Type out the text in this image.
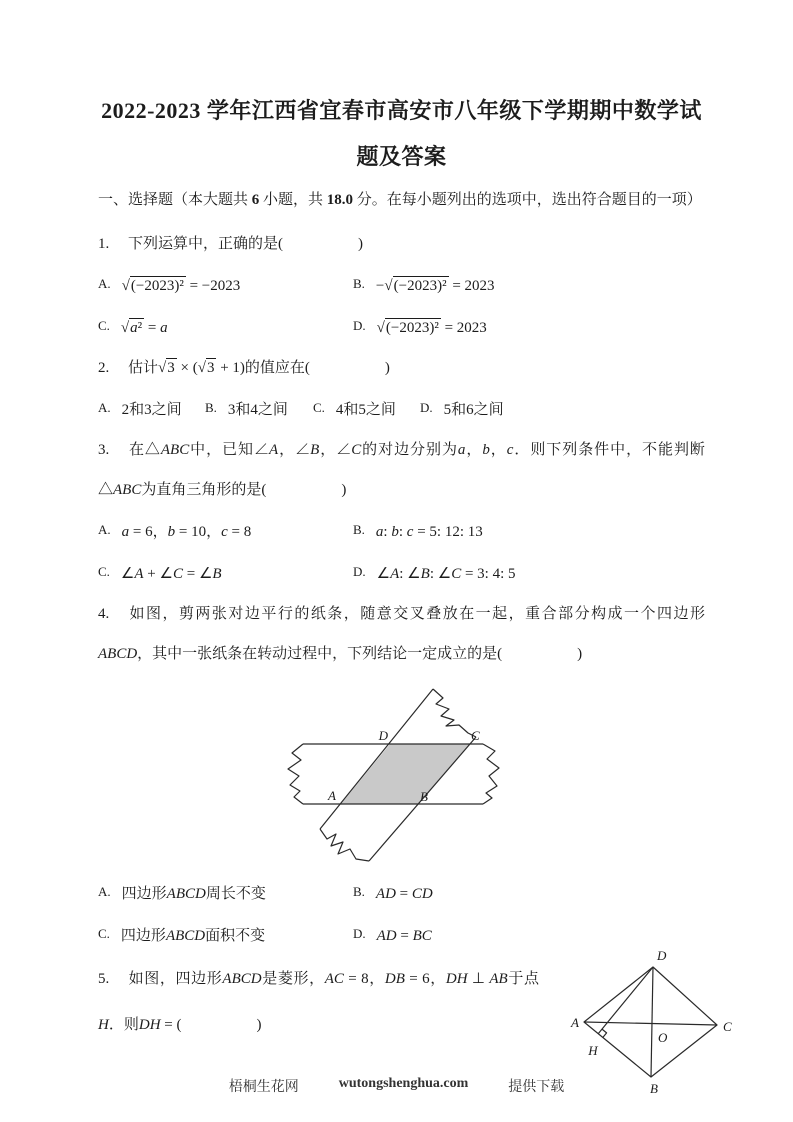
2022-2023 学年江西省宜春市高安市八年级下学期期中数学试题及答案

一、选择题（本大题共 6 小题，共 18.0 分。在每小题列出的选项中，选出符合题目的一项）

1. 下列运算中，正确的是(　　　　　)

A. √(−2023)² = −2023	B. −√(−2023)² = 2023
C. √a² = a	D. √(−2023)² = 2023

2. 估计√3 × (√3 + 1)的值应在(　　　　　)

A. 2和3之间	B. 3和4之间	C. 4和5之间	D. 5和6之间

3. 在△ABC中，已知∠A，∠B，∠C的对边分别为a，b，c．则下列条件中，不能判断△ABC为直角三角形的是(　　　　　)

A. a = 6，b = 10，c = 8	B. a: b: c = 5: 12: 13
C. ∠A + ∠C = ∠B	D. ∠A: ∠B: ∠C = 3: 4: 5

4. 如图，剪两张对边平行的纸条，随意交叉叠放在一起，重合部分构成一个四边形ABCD，其中一张纸条在转动过程中，下列结论一定成立的是(　　　　　)

D	C
A	B
A. 四边形ABCD周长不变	B. AD = CD
C. 四边形ABCD面积不变	D. AD = BC
D
A	C
B
O
H

5. 如图，四边形ABCD是菱形，AC = 8，DB = 6，DH ⊥ AB于点H．则DH = (　　　　　)

梧桐生花网	wutongshenghua.com	提供下载
